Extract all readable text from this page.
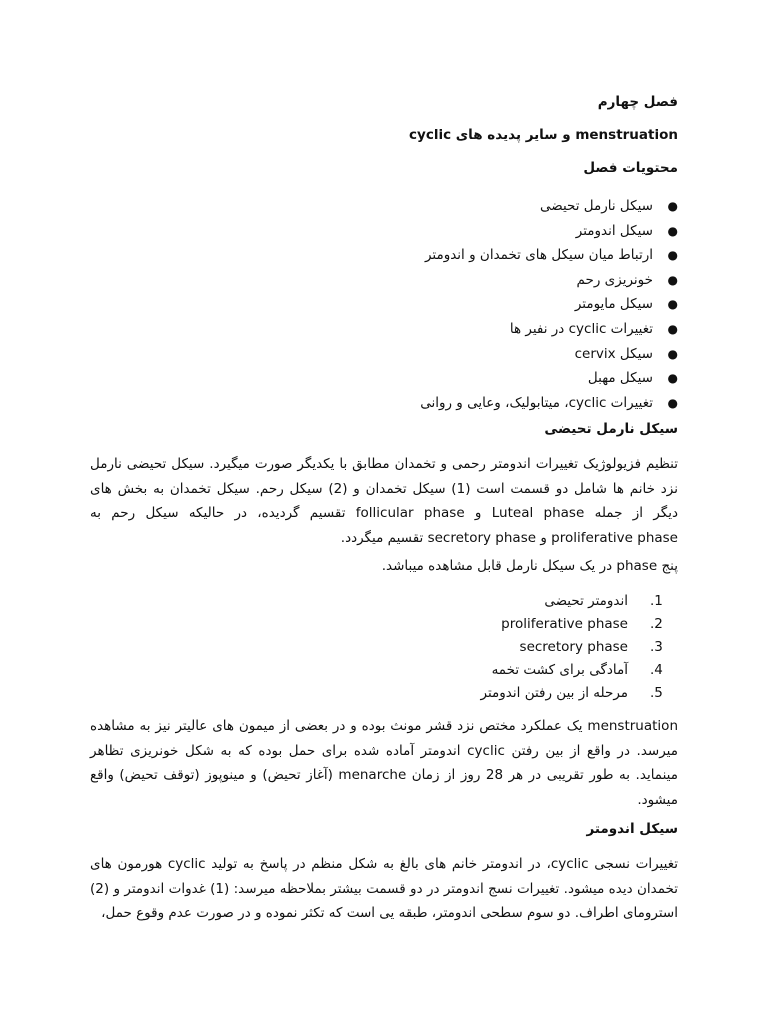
فصل چهارم
menstruation و سایر پدیده های cyclic
محتویات فصل
●
سیکل نارمل تحیضی
●
سیکل اندومتر
●
ارتباط میان سیکل های تخمدان و اندومتر
●
خونریزی رحم
●
سیکل مایومتر
●
تغییرات cyclic در نفیر ها
●
سیکل cervix
●
سیکل مهبل
●
تغییرات cyclic، میتابولیک، وعایی و روانی
سیکل نارمل تحیضی

تنظیم فزیولوژیک تغییرات اندومتر رحمی و تخمدان مطابق با یکدیگر صورت میگیرد. سیکل تحیضی نارمل نزد خانم ها شامل دو قسمت است (1) سیکل تخمدان و (2) سیکل رحم. سیکل تخمدان به بخش های دیگر از جمله Luteal phase و follicular phase تقسیم گردیده، در حالیکه سیکل رحم به proliferative phase و secretory phase تقسیم میگردد.

پنج phase در یک سیکل نارمل قابل مشاهده میباشد.
.1
اندومتر تحیضی
.2
proliferative phase
.3
secretory phase
.4
آمادگی برای کشت تخمه
.5
مرحله از بین رفتن اندومتر

menstruation یک عملکرد مختص نزد قشر مونث بوده و در بعضی از میمون های عالیتر نیز به مشاهده میرسد. در واقع از بین رفتن cyclic اندومتر آماده شده برای حمل بوده که به شکل خونریزی تظاهر مینماید. به طور تقریبی در هر 28 روز از زمان menarche (آغاز تحیض) و مینوپوز (توقف تحیض) واقع میشود.

سیکل اندومتر

تغییرات نسجی cyclic، در اندومتر خانم های بالغ به شکل منظم در پاسخ به تولید cyclic هورمون های تخمدان دیده میشود. تغییرات نسج اندومتر در دو قسمت بیشتر بملاحظه میرسد: (1) غدوات اندومتر و (2) استرومای اطراف. دو سوم سطحی اندومتر، طبقه یی است که تکثر نموده و در صورت عدم وقوع حمل،
